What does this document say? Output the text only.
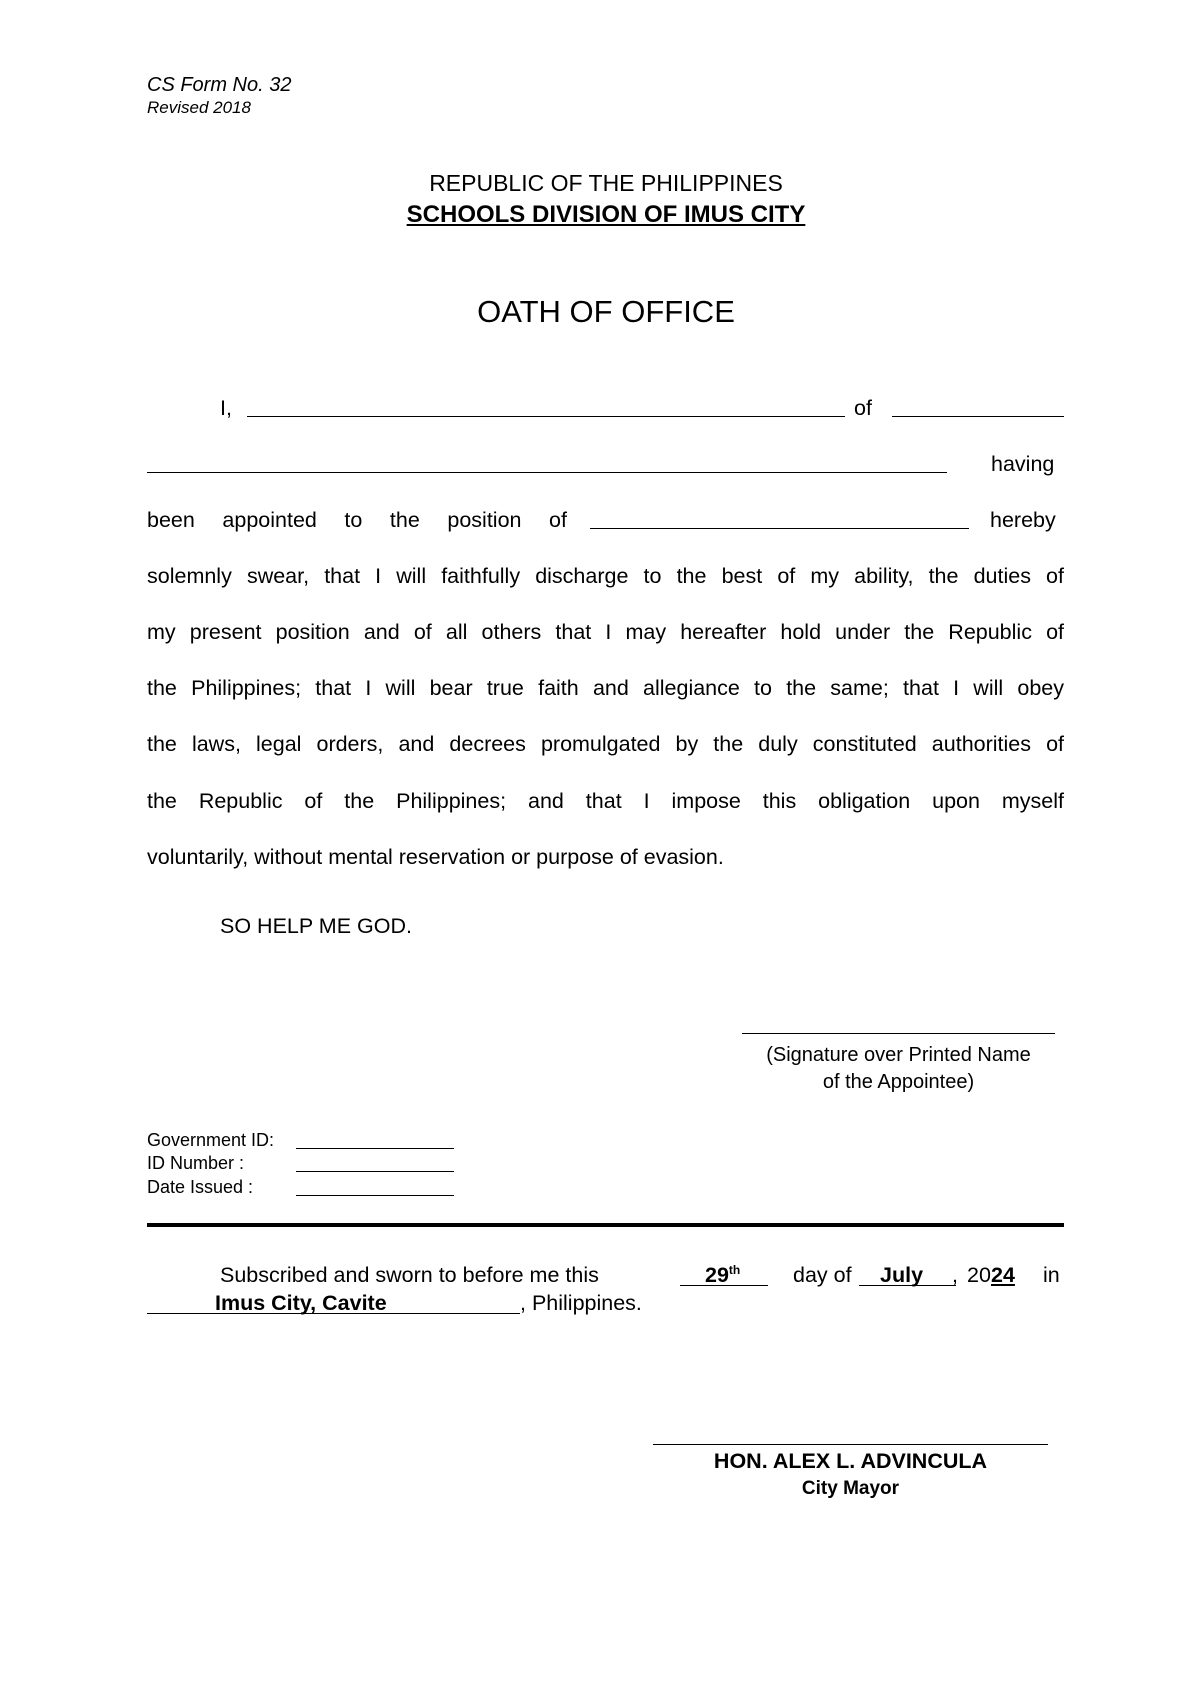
CS Form No. 32
Revised 2018
REPUBLIC OF THE PHILIPPINES
SCHOOLS DIVISION OF IMUS CITY
OATH OF OFFICE
I,	of
having
been appointed to the position of	hereby
solemnly swear, that I will faithfully discharge to the best of my ability, the duties of
my present position and of all others that I may hereafter hold under the Republic of
the Philippines; that I will bear true faith and allegiance to the same; that I will obey
the laws, legal orders, and decrees promulgated by the duly constituted authorities of
the Republic of the Philippines; and that I impose this obligation upon myself
voluntarily, without mental reservation or purpose of evasion.
SO HELP ME GOD.
(Signature over Printed Name
of the Appointee)
Government ID:
ID Number :
Date Issued :
Subscribed and sworn to before me this	29th day of July , 20 24 in
Imus City, Cavite	, Philippines.
HON. ALEX L. ADVINCULA
City Mayor
